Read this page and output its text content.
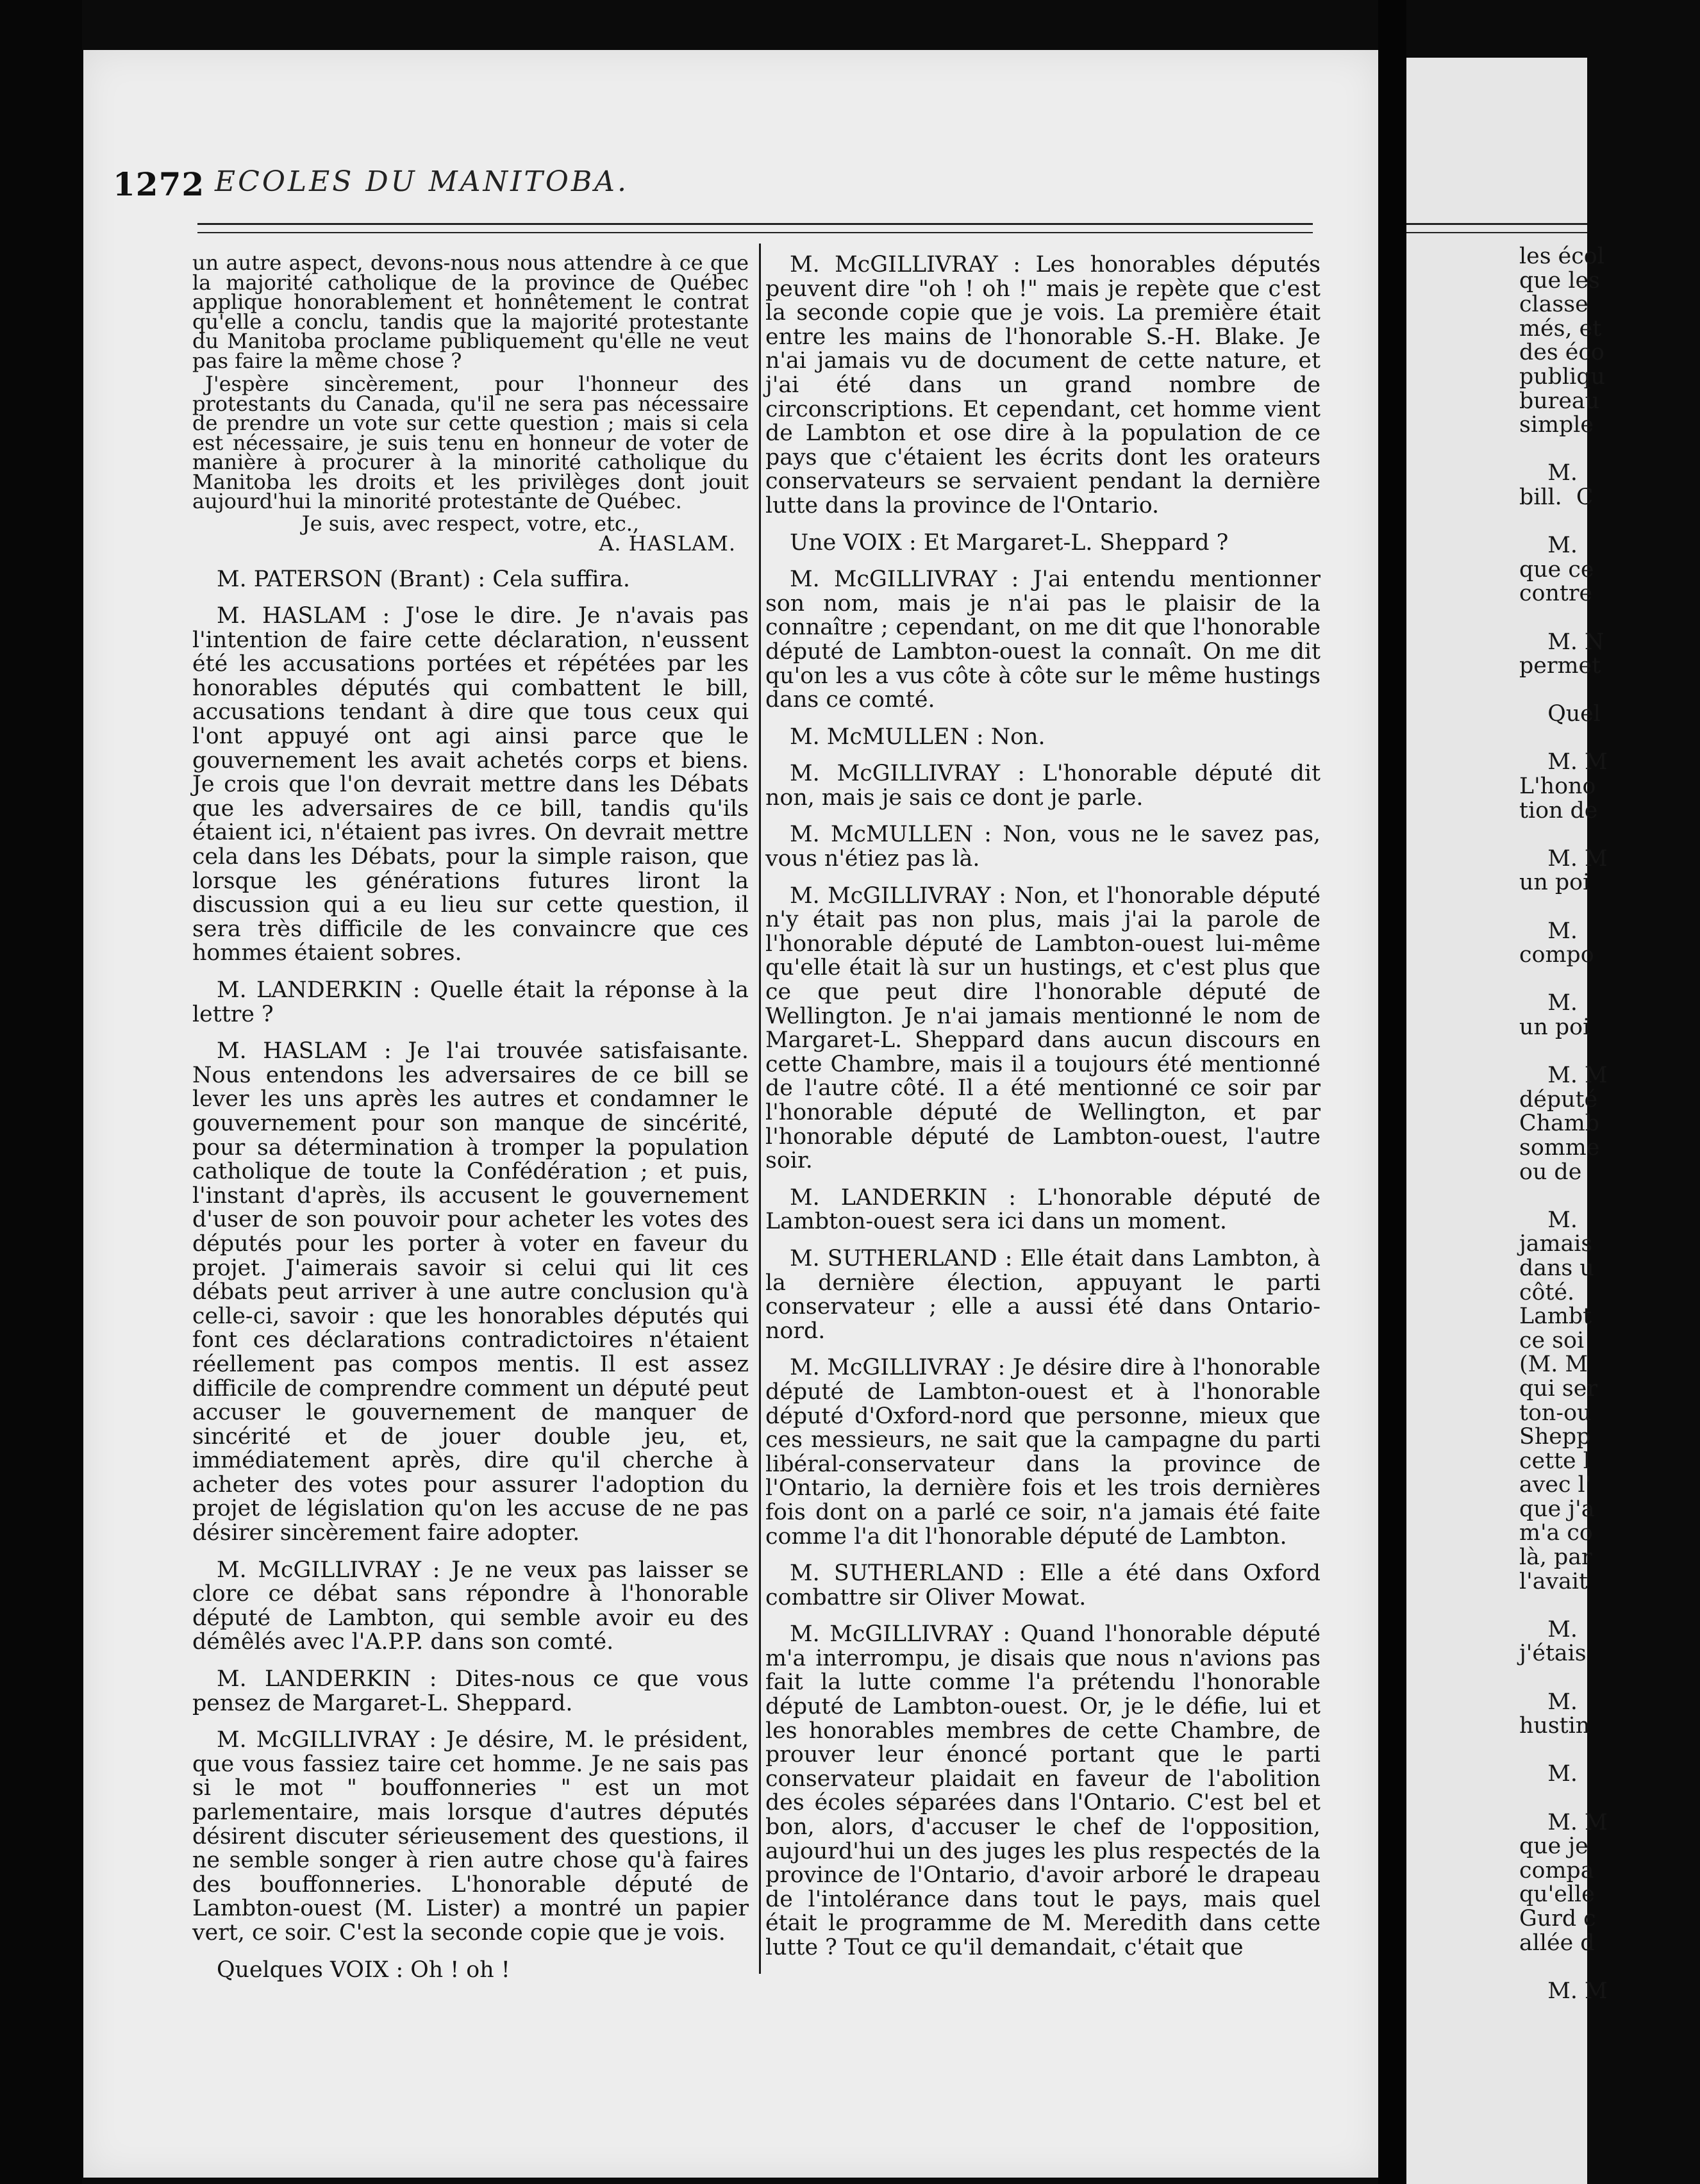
les écol
que les
classe
més, et
des éco
publiqu
bureau
simple

M.
bill.  C

M.
que ce
contre

M. N
permet

Quel

M. M
L'hono
tion de

M. M
un poi

M.
compo

M.
un poi

M. M
député
Chamb
somme
ou de

M.
jamais
dans u
côté.
Lambt
ce soi
(M. M
qui ser
ton-ou
Shepp
cette l
avec l'
que j'a
m'a co
là, par
l'avait

M.
j'étais

M.
hustin

M.

M. M
que je
compa
qu'elle
Gurd c
allée d

M. M
1272 ECOLES DU MANITOBA.

un autre aspect, devons-nous nous attendre à ce que la majorité catholique de la province de Québec applique honorablement et honnêtement le contrat qu'elle a conclu, tandis que la majorité protestante du Manitoba proclame publiquement qu'elle ne veut pas faire la même chose ?

J'espère sincèrement, pour l'honneur des protestants du Canada, qu'il ne sera pas nécessaire de prendre un vote sur cette question ; mais si cela est nécessaire, je suis tenu en honneur de voter de manière à procurer à la minorité catholique du Manitoba les droits et les privilèges dont jouit aujourd'hui la minorité protestante de Québec.

Je suis, avec respect, votre, etc.,

A. HASLAM.

M. PATERSON (Brant) : Cela suffira.

M. HASLAM : J'ose le dire. Je n'avais pas l'intention de faire cette déclaration, n'eussent été les accusations portées et répétées par les honorables députés qui combattent le bill, accusations tendant à dire que tous ceux qui l'ont appuyé ont agi ainsi parce que le gouvernement les avait achetés corps et biens. Je crois que l'on devrait mettre dans les Débats que les adversaires de ce bill, tandis qu'ils étaient ici, n'étaient pas ivres. On devrait mettre cela dans les Débats, pour la simple raison, que lorsque les générations futures liront la discussion qui a eu lieu sur cette question, il sera très difficile de les convaincre que ces hommes étaient sobres.

M. LANDERKIN : Quelle était la réponse à la lettre ?

M. HASLAM : Je l'ai trouvée satisfaisante. Nous entendons les adversaires de ce bill se lever les uns après les autres et condamner le gouvernement pour son manque de sincérité, pour sa détermination à tromper la population catholique de toute la Confédération ; et puis, l'instant d'après, ils accusent le gouvernement d'user de son pouvoir pour acheter les votes des députés pour les porter à voter en faveur du projet. J'aimerais savoir si celui qui lit ces débats peut arriver à une autre conclusion qu'à celle-ci, savoir : que les honorables députés qui font ces déclarations contradictoires n'étaient réellement pas compos mentis. Il est assez difficile de comprendre comment un député peut accuser le gouvernement de manquer de sincérité et de jouer double jeu, et, immédiatement après, dire qu'il cherche à acheter des votes pour assurer l'adoption du projet de législation qu'on les accuse de ne pas désirer sincèrement faire adopter.

M. McGILLIVRAY : Je ne veux pas laisser se clore ce débat sans répondre à l'honorable député de Lambton, qui semble avoir eu des démêlés avec l'A.P.P. dans son comté.

M. LANDERKIN : Dites-nous ce que vous pensez de Margaret-L. Sheppard.

M. McGILLIVRAY : Je désire, M. le président, que vous fassiez taire cet homme. Je ne sais pas si le mot " bouffonneries " est un mot parlementaire, mais lorsque d'autres députés désirent discuter sérieusement des questions, il ne semble songer à rien autre chose qu'à faires des bouffonneries. L'honorable député de Lambton-ouest (M. Lister) a montré un papier vert, ce soir. C'est la seconde copie que je vois.

Quelques VOIX : Oh ! oh !

M. McGILLIVRAY : Les honorables députés peuvent dire "oh ! oh !" mais je repète que c'est la seconde copie que je vois. La première était entre les mains de l'honorable S.-H. Blake. Je n'ai jamais vu de document de cette nature, et j'ai été dans un grand nombre de circonscriptions. Et cependant, cet homme vient de Lambton et ose dire à la population de ce pays que c'étaient les écrits dont les orateurs conservateurs se servaient pendant la dernière lutte dans la province de l'Ontario.

Une VOIX : Et Margaret-L. Sheppard ?

M. McGILLIVRAY : J'ai entendu mentionner son nom, mais je n'ai pas le plaisir de la connaître ; cependant, on me dit que l'honorable député de Lambton-ouest la connaît. On me dit qu'on les a vus côte à côte sur le même hustings dans ce comté.

M. McMULLEN : Non.

M. McGILLIVRAY : L'honorable député dit non, mais je sais ce dont je parle.

M. McMULLEN : Non, vous ne le savez pas, vous n'étiez pas là.

M. McGILLIVRAY : Non, et l'honorable député n'y était pas non plus, mais j'ai la parole de l'honorable député de Lambton-ouest lui-même qu'elle était là sur un hustings, et c'est plus que ce que peut dire l'honorable député de Wellington. Je n'ai jamais mentionné le nom de Margaret-L. Sheppard dans aucun discours en cette Chambre, mais il a toujours été mentionné de l'autre côté. Il a été mentionné ce soir par l'honorable député de Wellington, et par l'honorable député de Lambton-ouest, l'autre soir.

M. LANDERKIN : L'honorable député de Lambton-ouest sera ici dans un moment.

M. SUTHERLAND : Elle était dans Lambton, à la dernière élection, appuyant le parti conservateur ; elle a aussi été dans Ontario-nord.

M. McGILLIVRAY : Je désire dire à l'honorable député de Lambton-ouest et à l'honorable député d'Oxford-nord que personne, mieux que ces messieurs, ne sait que la campagne du parti libéral-conservateur dans la province de l'Ontario, la dernière fois et les trois dernières fois dont on a parlé ce soir, n'a jamais été faite comme l'a dit l'honorable député de Lambton.

M. SUTHERLAND : Elle a été dans Oxford combattre sir Oliver Mowat.

M. McGILLIVRAY : Quand l'honorable député m'a interrompu, je disais que nous n'avions pas fait la lutte comme l'a prétendu l'honorable député de Lambton-ouest. Or, je le défie, lui et les honorables membres de cette Chambre, de prouver leur énoncé portant que le parti conservateur plaidait en faveur de l'abolition des écoles séparées dans l'Ontario. C'est bel et bon, alors, d'accuser le chef de l'opposition, aujourd'hui un des juges les plus respectés de la province de l'Ontario, d'avoir arboré le drapeau de l'intolérance dans tout le pays, mais quel était le programme de M. Meredith dans cette lutte ? Tout ce qu'il demandait, c'était que
